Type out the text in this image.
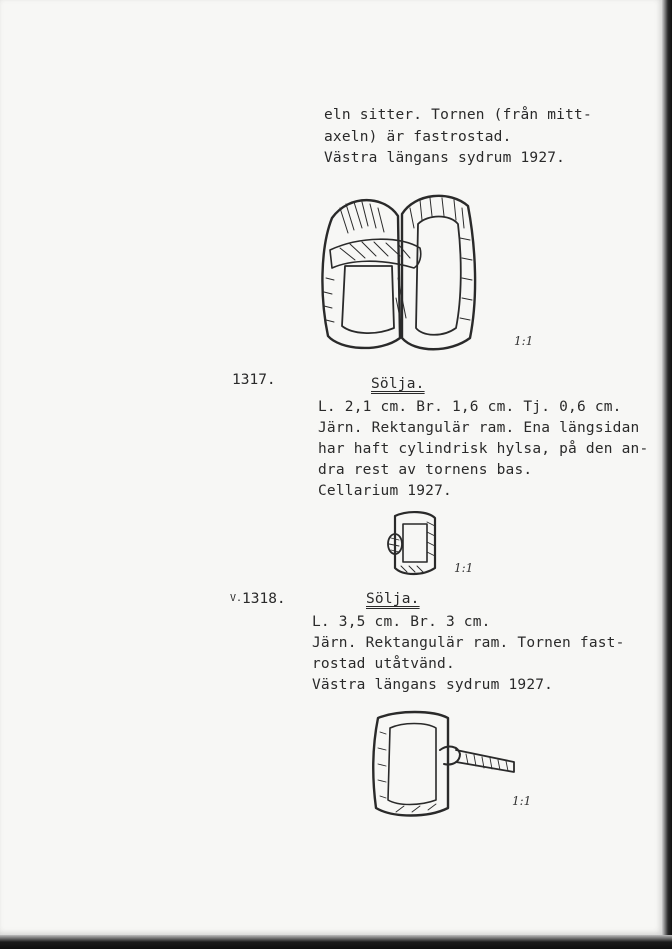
eln sitter. Tornen (från mitt-
axeln) är fastrostad.
Västra längans sydrum 1927.
1:1
1317.	Sölja.
L. 2,1 cm. Br. 1,6 cm. Tj. 0,6 cm.
Järn. Rektangulär ram. Ena längsidan
har haft cylindrisk hylsa, på den an-
dra rest av tornens bas.
Cellarium 1927.
1:1
V. 1318.	Sölja.
L. 3,5 cm. Br. 3 cm.
Järn. Rektangulär ram. Tornen fast-
rostad utåtvänd.
Västra längans sydrum 1927.
1:1
